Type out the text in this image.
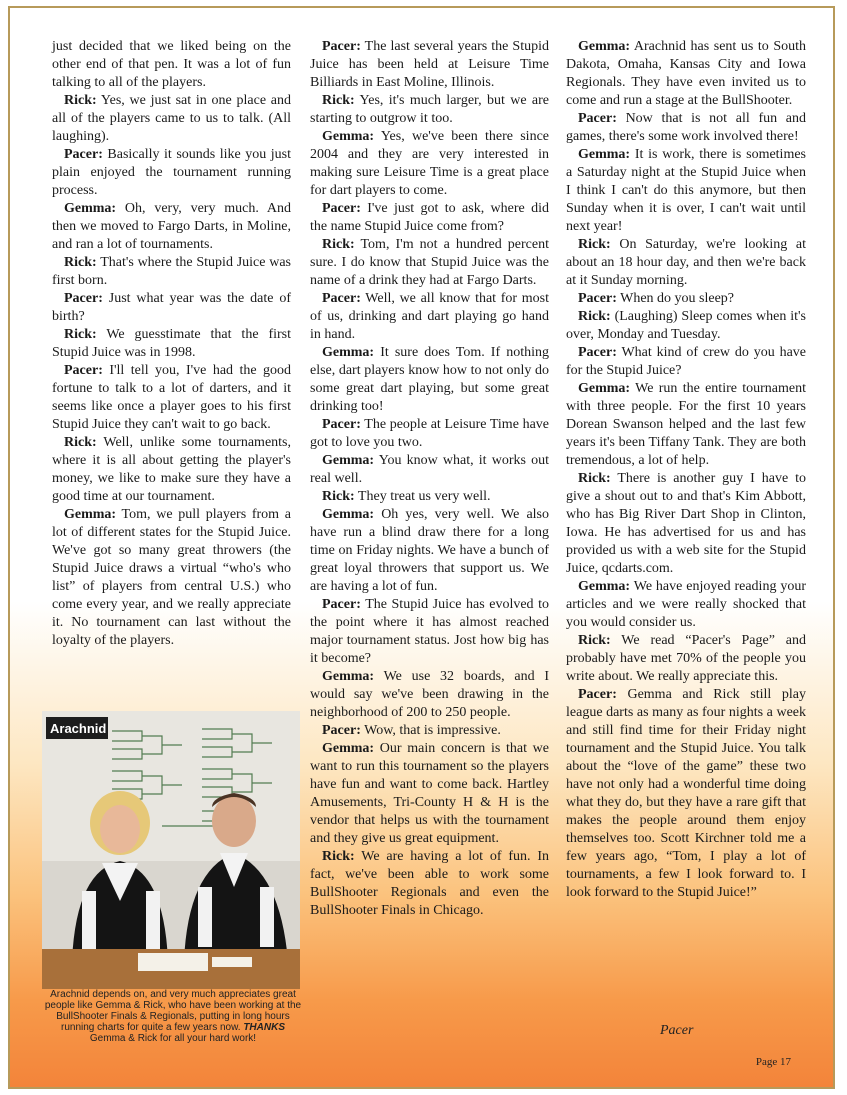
just decided that we liked being on the other end of that pen. It was a lot of fun talking to all of the players.

Rick: Yes, we just sat in one place and all of the players came to us to talk. (All laughing).

Pacer: Basically it sounds like you just plain enjoyed the tournament running process.

Gemma: Oh, very, very much. And then we moved to Fargo Darts, in Moline, and ran a lot of tournaments.

Rick: That's where the Stupid Juice was first born.

Pacer: Just what year was the date of birth?

Rick: We guesstimate that the first Stupid Juice was in 1998.

Pacer: I'll tell you, I've had the good fortune to talk to a lot of darters, and it seems like once a player goes to his first Stupid Juice they can't wait to go back.

Rick: Well, unlike some tournaments, where it is all about getting the player's money, we like to make sure they have a good time at our tournament.

Gemma: Tom, we pull players from a lot of different states for the Stupid Juice. We've got so many great throwers (the Stupid Juice draws a virtual “who's who list” of players from central U.S.) who come every year, and we really appreciate it. No tournament can last without the loyalty of the players.

Pacer: The last several years the Stupid Juice has been held at Leisure Time Billiards in East Moline, Illinois.

Rick: Yes, it's much larger, but we are starting to outgrow it too.

Gemma: Yes, we've been there since 2004 and they are very interested in making sure Leisure Time is a great place for dart players to come.

Pacer: I've just got to ask, where did the name Stupid Juice come from?

Rick: Tom, I'm not a hundred percent sure. I do know that Stupid Juice was the name of a drink they had at Fargo Darts.

Pacer: Well, we all know that for most of us, drinking and dart playing go hand in hand.

Gemma: It sure does Tom. If nothing else, dart players know how to not only do some great dart playing, but some great drinking too!

Pacer: The people at Leisure Time have got to love you two.

Gemma: You know what, it works out real well.

Rick: They treat us very well.

Gemma: Oh yes, very well. We also have run a blind draw there for a long time on Friday nights. We have a bunch of great loyal throwers that support us. We are having a lot of fun.

Pacer: The Stupid Juice has evolved to the point where it has almost reached major tournament status. Jost how big has it become?

Gemma: We use 32 boards, and I would say we've been drawing in the neighborhood of 200 to 250 people.

Pacer: Wow, that is impressive.

Gemma: Our main concern is that we want to run this tournament so the players have fun and want to come back. Hartley Amusements, Tri-County H & H is the vendor that helps us with the tournament and they give us great equipment.

Rick: We are having a lot of fun. In fact, we've been able to work some BullShooter Regionals and even the BullShooter Finals in Chicago.

Gemma: Arachnid has sent us to South Dakota, Omaha, Kansas City and Iowa Regionals. They have even invited us to come and run a stage at the BullShooter.

Pacer: Now that is not all fun and games, there's some work involved there!

Gemma: It is work, there is sometimes a Saturday night at the Stupid Juice when I think I can't do this anymore, but then Sunday when it is over, I can't wait until next year!

Rick: On Saturday, we're looking at about an 18 hour day, and then we're back at it Sunday morning.

Pacer: When do you sleep?

Rick: (Laughing) Sleep comes when it's over, Monday and Tuesday.

Pacer: What kind of crew do you have for the Stupid Juice?

Gemma: We run the entire tournament with three people. For the first 10 years Dorean Swanson helped and the last few years it's been Tiffany Tank. They are both tremendous, a lot of help.

Rick: There is another guy I have to give a shout out to and that's Kim Abbott, who has Big River Dart Shop in Clinton, Iowa. He has advertised for us and has provided us with a web site for the Stupid Juice, qcdarts.com.

Gemma: We have enjoyed reading your articles and we were really shocked that you would consider us.

Rick: We read “Pacer's Page” and probably have met 70% of the people you write about. We really appreciate this.

Pacer: Gemma and Rick still play league darts as many as four nights a week and still find time for their Friday night tournament and the Stupid Juice. You talk about the “love of the game” these two have not only had a wonderful time doing what they do, but they have a rare gift that makes the people around them enjoy themselves too. Scott Kirchner told me a few years ago, “Tom, I play a lot of tournaments, a few I look forward to. I look forward to the Stupid Juice!”

Arachnid
Arachnid depends on, and very much appreciates great people like Gemma & Rick, who have been working at the BullShooter Finals & Regionals, putting in long hours running charts for quite a few years now. THANKS Gemma & Rick for all your hard work!
Pacer
Page 17
